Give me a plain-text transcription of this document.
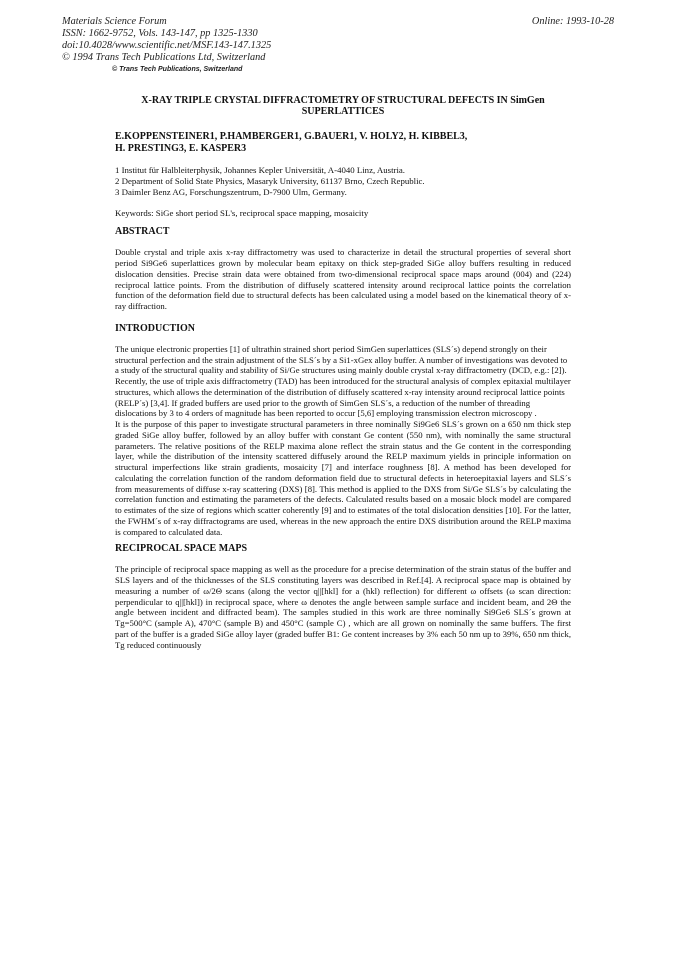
Materials Science Forum
ISSN: 1662-9752, Vols. 143-147, pp 1325-1330
doi:10.4028/www.scientific.net/MSF.143-147.1325
© 1994 Trans Tech Publications Ltd, Switzerland
Online: 1993-10-28
© Trans Tech Publications, Switzerland
X-RAY TRIPLE CRYSTAL DIFFRACTOMETRY OF STRUCTURAL DEFECTS IN SimGen SUPERLATTICES
E.KOPPENSTEINER1, P.HAMBERGER1, G.BAUER1, V. HOLY2, H. KIBBEL3,
H. PRESTING3, E. KASPER3
1 Institut für Halbleiterphysik, Johannes Kepler Universität, A-4040 Linz, Austria.
2 Department of Solid State Physics, Masaryk University, 61137 Brno, Czech Republic.
3 Daimler Benz AG, Forschungszentrum, D-7900 Ulm, Germany.
Keywords: SiGe short period SL's, reciprocal space mapping, mosaicity
ABSTRACT

Double crystal and triple axis x-ray diffractometry was used to characterize in detail the structural properties of several short period Si9Ge6 superlattices grown by molecular beam epitaxy on thick step-graded SiGe alloy buffers resulting in reduced dislocation densities. Precise strain data were obtained from two-dimensional reciprocal space maps around (004) and (224) reciprocal lattice points. From the distribution of diffusely scattered intensity around reciprocal lattice points the correlation function of the deformation field due to structural defects has been calculated using a model based on the kinematical theory of x-ray diffraction.

INTRODUCTION

The unique electronic properties [1] of ultrathin strained short period SimGen superlattices (SLS´s) depend strongly on their structural perfection and the strain adjustment of the SLS´s by a Si1-xGex alloy buffer. A number of investigations was devoted to a study of the structural quality and stability of Si/Ge structures using mainly double crystal x-ray diffractometry (DCD, e.g.: [2]). Recently, the use of triple axis diffractometry (TAD) has been introduced for the structural analysis of complex epitaxial multilayer structures, which allows the determination of the distribution of diffusely scattered x-ray intensity around reciprocal lattice points (RELP´s) [3,4]. If graded buffers are used prior to the growth of SimGen SLS´s, a reduction of the number of threading dislocations by 3 to 4 orders of magnitude has been reported to occur [5,6] employing transmission electron microscopy .

It is the purpose of this paper to investigate structural parameters in three nominally Si9Ge6 SLS´s grown on a 650 nm thick step graded SiGe alloy buffer, followed by an alloy buffer with constant Ge content (550 nm), with nominally the same structural parameters. The relative positions of the RELP maxima alone reflect the strain status and the Ge content in the corresponding layer, while the distribution of the intensity scattered diffusely around the RELP maximum yields in principle information on structural imperfections like strain gradients, mosaicity [7] and interface roughness [8]. A method has been developed for calculating the correlation function of the random deformation field due to structural defects in heteroepitaxial layers and SLS´s from measurements of diffuse x-ray scattering (DXS) [8]. This method is applied to the DXS from Si/Ge SLS´s by calculating the correlation function and estimating the parameters of the defects. Calculated results based on a mosaic block model are compared to estimates of the size of regions which scatter coherently [9] and to estimates of the total dislocation densities [10]. For the latter, the FWHM´s of x-ray diffractograms are used, whereas in the new approach the entire DXS distribution around the RELP maxima is compared to calculated data.

RECIPROCAL SPACE MAPS

The principle of reciprocal space mapping as well as the procedure for a precise determination of the strain status of the buffer and SLS layers and of the thicknesses of the SLS constituting layers was described in Ref.[4]. A reciprocal space map is obtained by measuring a number of ω/2Θ scans (along the vector q||[hkl] for a (hkl) reflection) for different ω offsets (ω scan direction: perpendicular to q||[hkl]) in reciprocal space, where ω denotes the angle between sample surface and incident beam, and 2Θ the angle between incident and diffracted beam). The samples studied in this work are three nominally Si9Ge6 SLS´s grown at Tg=500°C (sample A), 470°C (sample B) and 450°C (sample C) , which are all grown on nominally the same buffers. The first part of the buffer is a graded SiGe alloy layer (graded buffer B1: Ge content increases by 3% each 50 nm up to 39%, 650 nm thick, Tg reduced continuously
